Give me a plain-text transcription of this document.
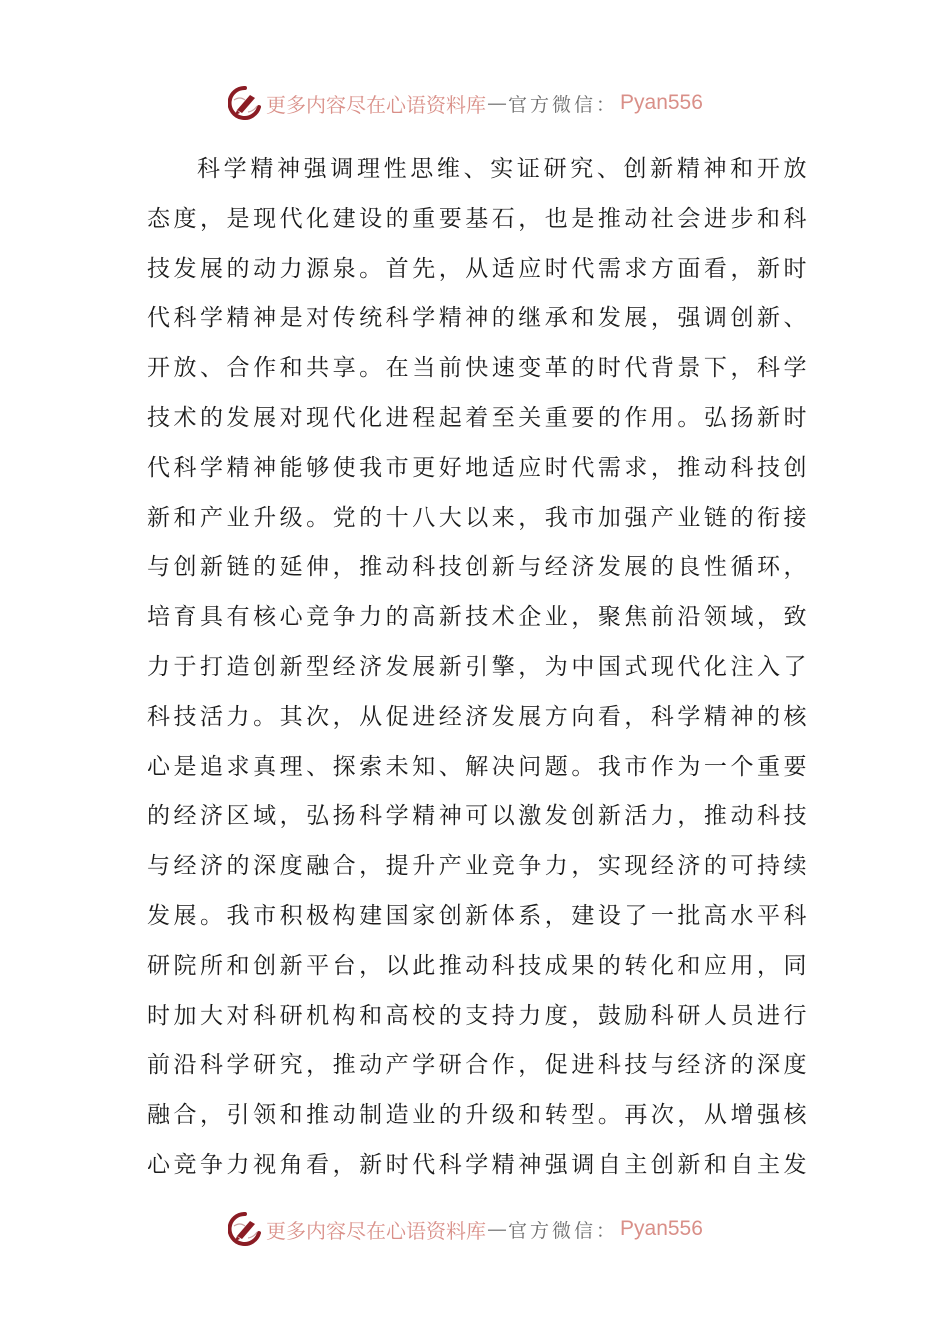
更多内容尽在心语资料库 — 官方微信： Pyan556
科学精神强调理性思维、实证研究、创新精神和开放
态度，是现代化建设的重要基石，也是推动社会进步和科
技发展的动力源泉。首先，从适应时代需求方面看，新时
代科学精神是对传统科学精神的继承和发展，强调创新、
开放、合作和共享。在当前快速变革的时代背景下，科学
技术的发展对现代化进程起着至关重要的作用。弘扬新时
代科学精神能够使我市更好地适应时代需求，推动科技创
新和产业升级。党的十八大以来，我市加强产业链的衔接
与创新链的延伸，推动科技创新与经济发展的良性循环，
培育具有核心竞争力的高新技术企业，聚焦前沿领域，致
力于打造创新型经济发展新引擎，为中国式现代化注入了
科技活力。其次，从促进经济发展方向看，科学精神的核
心是追求真理、探索未知、解决问题。我市作为一个重要
的经济区域，弘扬科学精神可以激发创新活力，推动科技
与经济的深度融合，提升产业竞争力，实现经济的可持续
发展。我市积极构建国家创新体系，建设了一批高水平科
研院所和创新平台，以此推动科技成果的转化和应用，同
时加大对科研机构和高校的支持力度，鼓励科研人员进行
前沿科学研究，推动产学研合作，促进科技与经济的深度
融合，引领和推动制造业的升级和转型。再次，从增强核
心竞争力视角看，新时代科学精神强调自主创新和自主发
更多内容尽在心语资料库 — 官方微信： Pyan556
